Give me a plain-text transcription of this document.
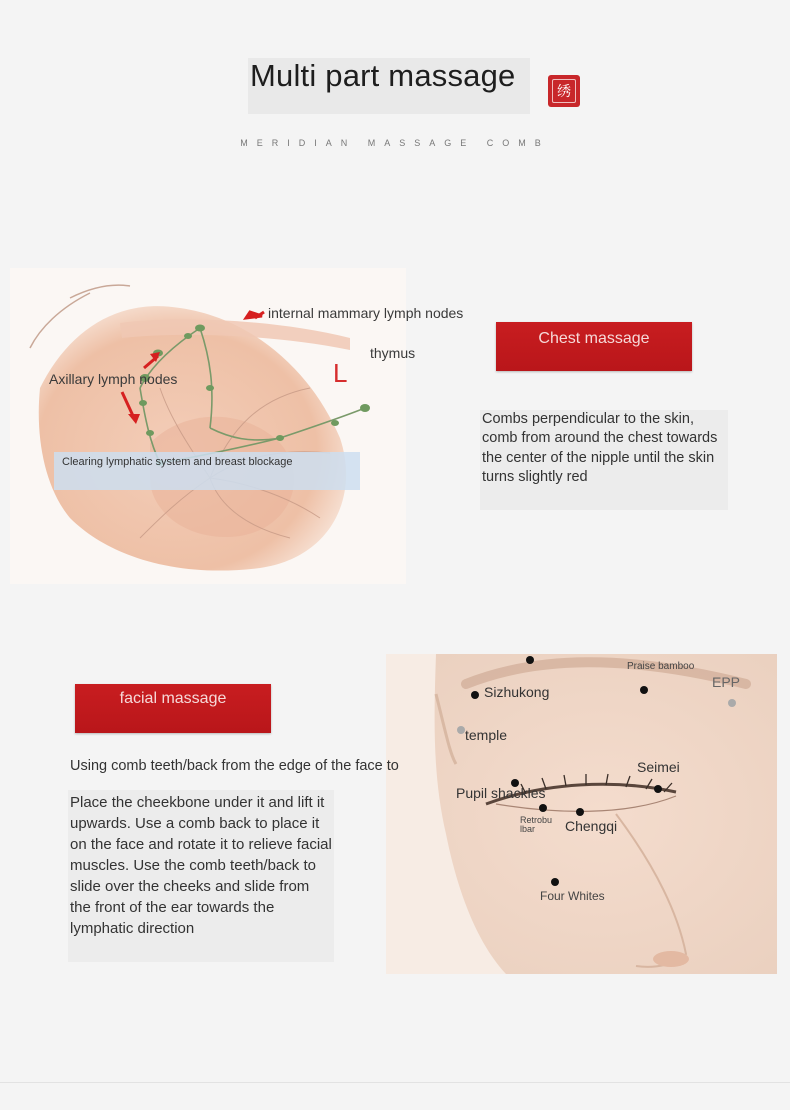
Multi part massage	绣
MERIDIAN MASSAGE COMB
internal mammary lymph nodes
thymus
Axillary lymph nodes	L
Clearing lymphatic system and breast blockage
Chest massage
Combs perpendicular to the skin, comb from around the chest towards the center of the nipple until the skin turns slightly red
facial massage
Praise bamboo
EPP
Sizhukong
temple
Seimei
Pupil shackles
Retrobu
lbar Chengqi
Four Whites
Using comb teeth/back from the edge of the face to
Place the cheekbone under it and lift it upwards. Use a comb back to place it on the face and rotate it to relieve facial muscles. Use the comb teeth/back to slide over the cheeks and slide from the front of the ear towards the lymphatic direction
